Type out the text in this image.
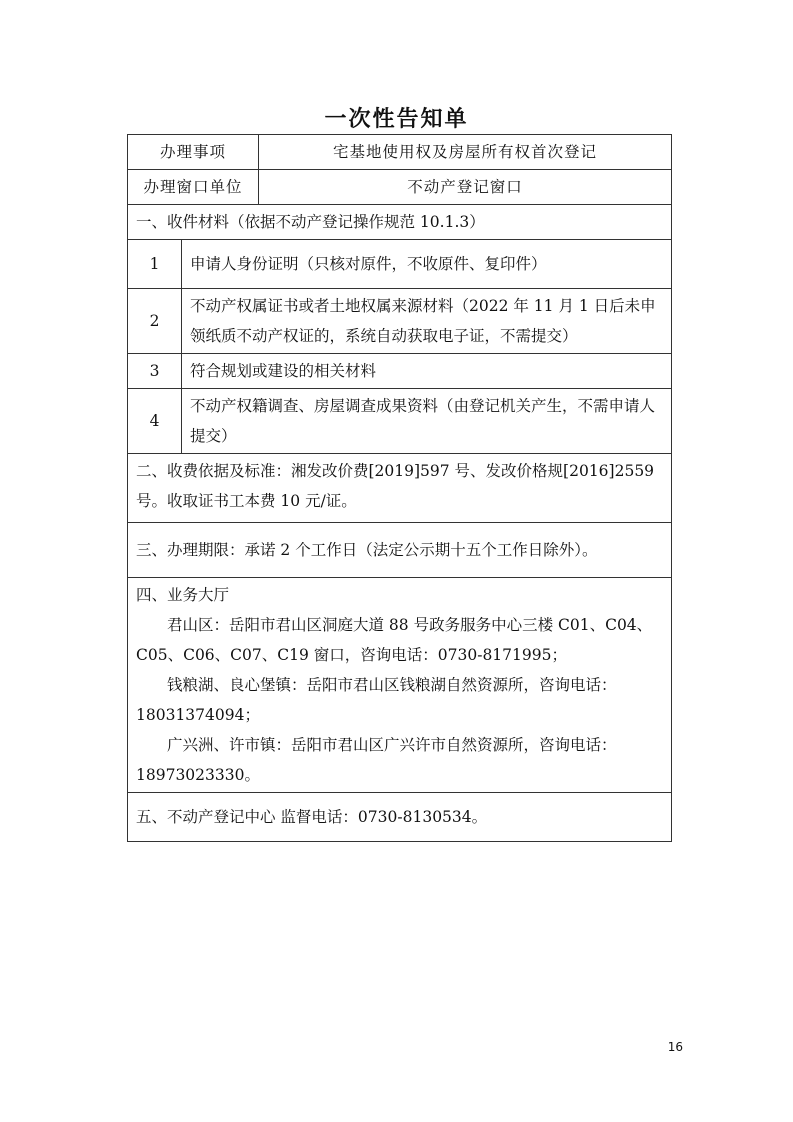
一次性告知单
办理事项		宅基地使用权及房屋所有权首次登记
办理窗口单位		不动产登记窗口
一、收件材料（依据不动产登记操作规范 10.1.3）		
1	申请人身份证明（只核对原件，不收原件、复印件）	
2	不动产权属证书或者土地权属来源材料（2022 年 11 月 1 日后未申领纸质不动产权证的，系统自动获取电子证，不需提交）	
3	符合规划或建设的相关材料	
4	不动产权籍调查、房屋调查成果资料（由登记机关产生，不需申请人提交）	
二、收费依据及标准：湘发改价费[2019]597 号、发改价格规[2016]2559 号。收取证书工本费 10 元/证。		
三、办理期限：承诺 2 个工作日（法定公示期十五个工作日除外）。		

四、业务大厅
君山区：岳阳市君山区洞庭大道 88 号政务服务中心三楼 C01、C04、C05、C06、C07、C19 窗口，咨询电话：0730-8171995；
钱粮湖、良心堡镇：岳阳市君山区钱粮湖自然资源所，咨询电话：18031374094；
广兴洲、许市镇：岳阳市君山区广兴许市自然资源所，咨询电话：18973023330。		

五、不动产登记中心 监督电话：0730-8130534。		
16
